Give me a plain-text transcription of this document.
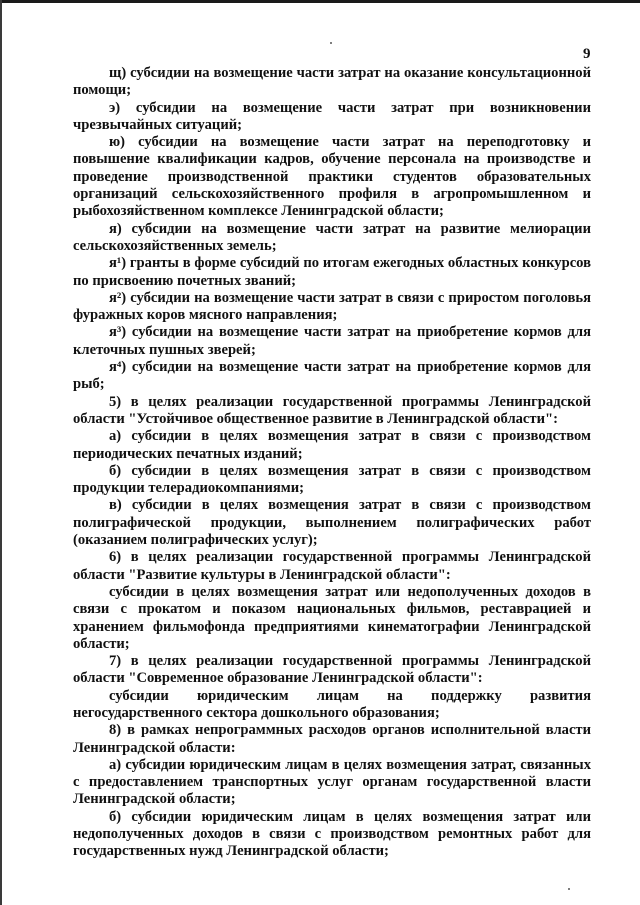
9

щ) субсидии на возмещение части затрат на оказание консультационной помощи;

э) субсидии на возмещение части затрат при возникновении чрезвычайных ситуаций;

ю) субсидии на возмещение части затрат на переподготовку и повышение квалификации кадров, обучение персонала на производстве и проведение производственной практики студентов образовательных организаций сельскохозяйственного профиля в агропромышленном и рыбохозяйственном комплексе Ленинградской области;

я) субсидии на возмещение части затрат на развитие мелиорации сельскохозяйственных земель;

я¹) гранты в форме субсидий по итогам ежегодных областных конкурсов по присвоению почетных званий;

я²) субсидии на возмещение части затрат в связи с приростом поголовья фуражных коров мясного направления;

я³) субсидии на возмещение части затрат на приобретение кормов для клеточных пушных зверей;

я⁴) субсидии на возмещение части затрат на приобретение кормов для рыб;

5) в целях реализации государственной программы Ленинградской области "Устойчивое общественное развитие в Ленинградской области":

а) субсидии в целях возмещения затрат в связи с производством периодических печатных изданий;

б) субсидии в целях возмещения затрат в связи с производством продукции телерадиокомпаниями;

в) субсидии в целях возмещения затрат в связи с производством полиграфической продукции, выполнением полиграфических работ (оказанием полиграфических услуг);

6) в целях реализации государственной программы Ленинградской области "Развитие культуры в Ленинградской области":

субсидии в целях возмещения затрат или недополученных доходов в связи с прокатом и показом национальных фильмов, реставрацией и хранением фильмофонда предприятиями кинематографии Ленинградской области;

7) в целях реализации государственной программы Ленинградской области "Современное образование Ленинградской области":

субсидии юридическим лицам на поддержку развития негосударственного сектора дошкольного образования;

8) в рамках непрограммных расходов органов исполнительной власти Ленинградской области:

а) субсидии юридическим лицам в целях возмещения затрат, связанных с предоставлением транспортных услуг органам государственной власти Ленинградской области;

б) субсидии юридическим лицам в целях возмещения затрат или недополученных доходов в связи с производством ремонтных работ для государственных нужд Ленинградской области;
